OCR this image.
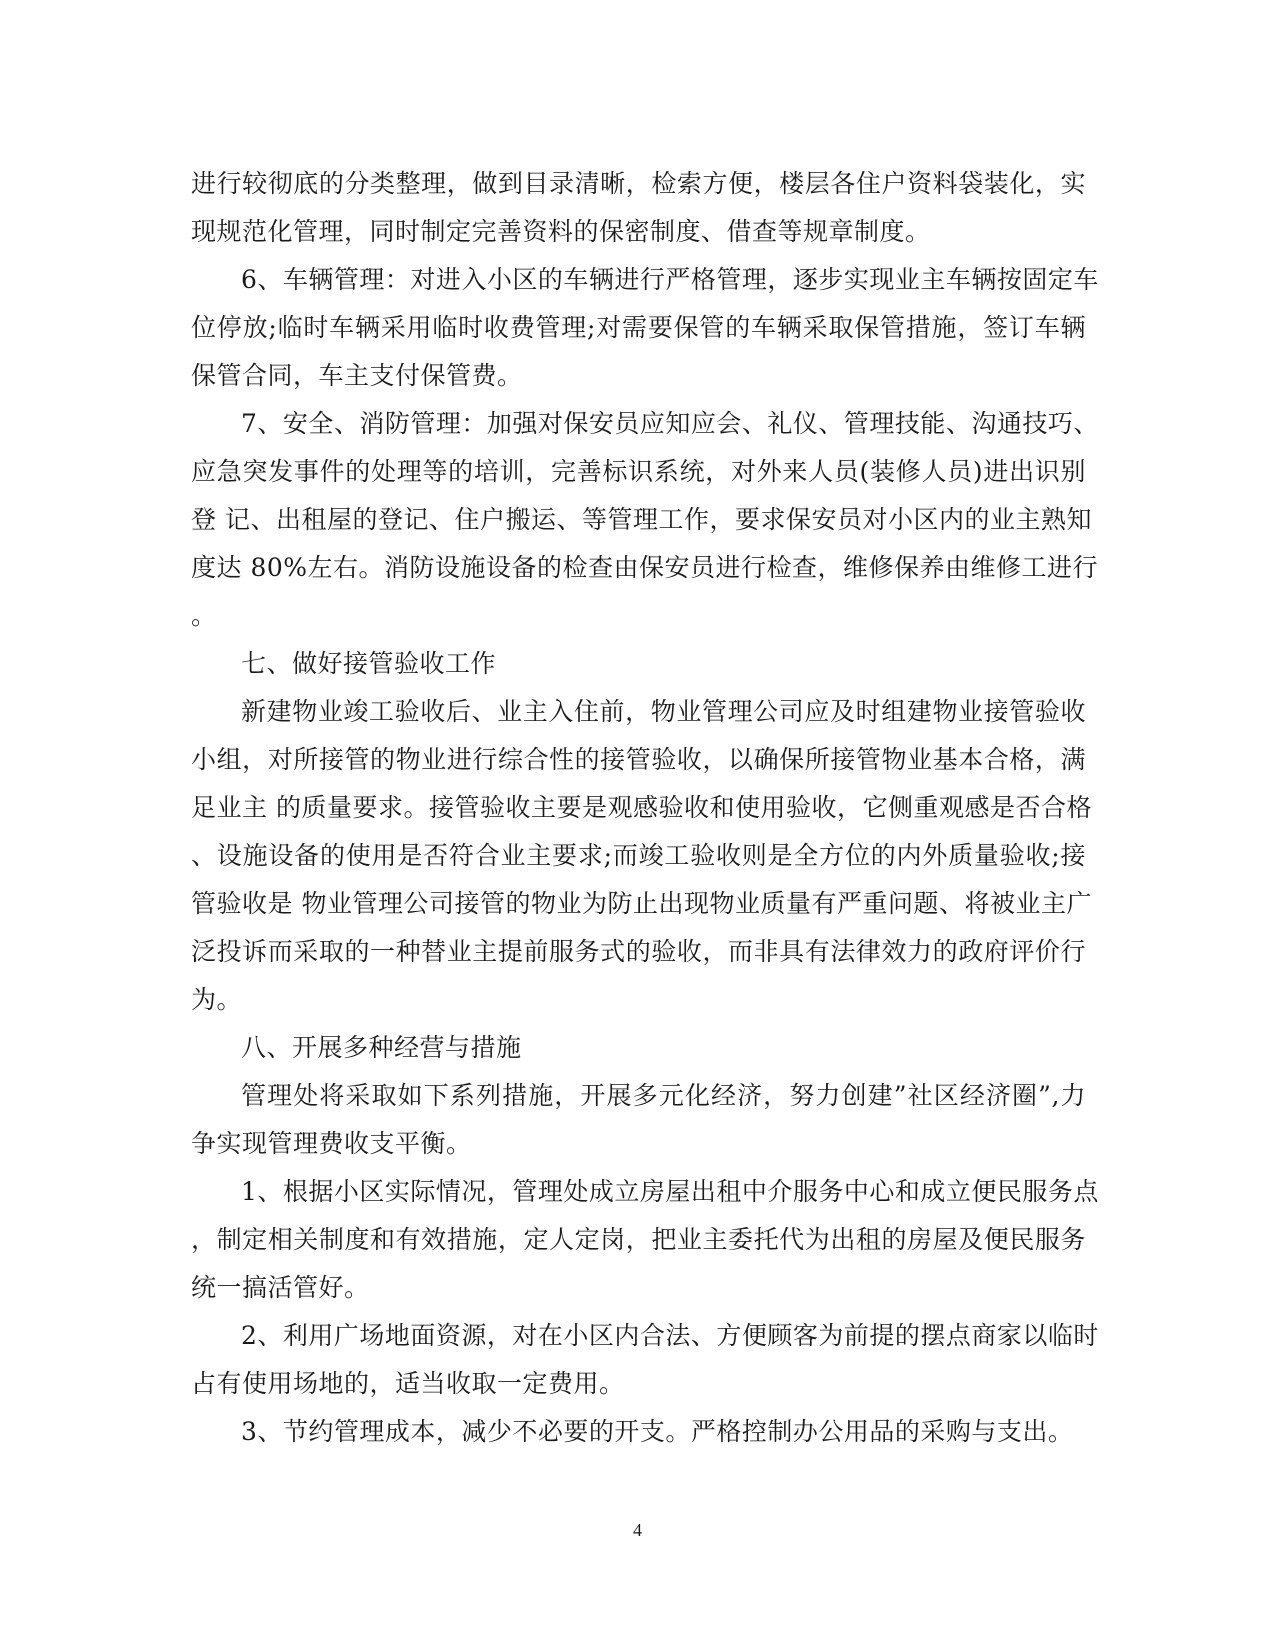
进行较彻底的分类整理，做到目录清晰，检索方便，楼层各住户资料袋装化，实
现规范化管理，同时制定完善资料的保密制度、借查等规章制度。
6、车辆管理：对进入小区的车辆进行严格管理，逐步实现业主车辆按固定车
位停放;临时车辆采用临时收费管理;对需要保管的车辆采取保管措施，签订车辆
保管合同，车主支付保管费。
7、安全、消防管理：加强对保安员应知应会、礼仪、管理技能、沟通技巧、
应急突发事件的处理等的培训，完善标识系统，对外来人员(装修人员)进出识别
登 记、出租屋的登记、住户搬运、等管理工作，要求保安员对小区内的业主熟知
度达 80%左右。消防设施设备的检查由保安员进行检查，维修保养由维修工进行
。
七、做好接管验收工作
新建物业竣工验收后、业主入住前，物业管理公司应及时组建物业接管验收
小组，对所接管的物业进行综合性的接管验收，以确保所接管物业基本合格，满
足业主 的质量要求。接管验收主要是观感验收和使用验收，它侧重观感是否合格
、设施设备的使用是否符合业主要求;而竣工验收则是全方位的内外质量验收;接
管验收是 物业管理公司接管的物业为防止出现物业质量有严重问题、将被业主广
泛投诉而采取的一种替业主提前服务式的验收，而非具有法律效力的政府评价行
为。
八、开展多种经营与措施
管理处将采取如下系列措施，开展多元化经济，努力创建”社区经济圈”,力
争实现管理费收支平衡。
1、根据小区实际情况，管理处成立房屋出租中介服务中心和成立便民服务点
，制定相关制度和有效措施，定人定岗，把业主委托代为出租的房屋及便民服务
统一搞活管好。
2、利用广场地面资源，对在小区内合法、方便顾客为前提的摆点商家以临时
占有使用场地的，适当收取一定费用。
3、节约管理成本，减少不必要的开支。严格控制办公用品的采购与支出。
4
